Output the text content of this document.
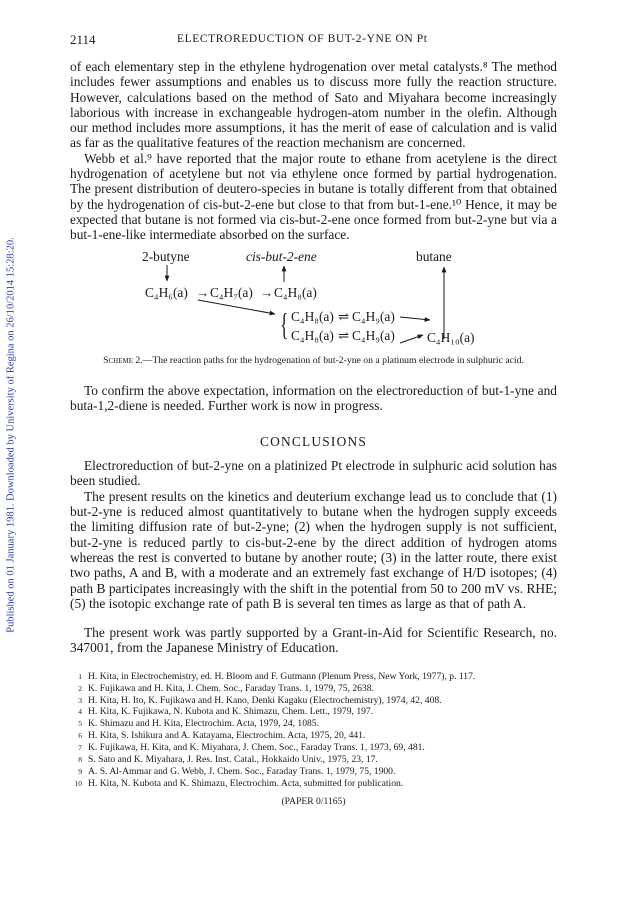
Published on 01 January 1981. Downloaded by University of Regina on 26/10/2014 15:28:20.
2114	ELECTROREDUCTION OF BUT-2-YNE ON Pt

of each elementary step in the ethylene hydrogenation over metal catalysts.⁸ The method includes fewer assumptions and enables us to discuss more fully the reaction structure. However, calculations based on the method of Sato and Miyahara become increasingly laborious with increase in exchangeable hydrogen-atom number in the olefin. Although our method includes more assumptions, it has the merit of ease of calculation and is valid as far as the qualitative features of the reaction mechanism are concerned.

Webb et al.⁹ have reported that the major route to ethane from acetylene is the direct hydrogenation of acetylene but not via ethylene once formed by partial hydrogenation. The present distribution of deutero-species in butane is totally different from that obtained by the hydrogenation of cis-but-2-ene but close to that from but-1-ene.¹⁰ Hence, it may be expected that butane is not formed via cis-but-2-ene once formed from but-2-yne but via a but-1-ene-like intermediate absorbed on the surface.

2-butyne	cis-but-2-ene	butane
C₄H₆(a) → C₄H₇(a) → C₄H₈(a)
{ C₄H₈(a) ⇌ C₄H₉(a)
C₄H₈(a) ⇌ C₄H₉(a) C₄H₁₀(a)
Scheme 2.—The reaction paths for the hydrogenation of but-2-yne on a platinum electrode in sulphuric acid.

To confirm the above expectation, information on the electroreduction of but-1-yne and buta-1,2-diene is needed. Further work is now in progress.

CONCLUSIONS

Electroreduction of but-2-yne on a platinized Pt electrode in sulphuric acid solution has been studied.

The present results on the kinetics and deuterium exchange lead us to conclude that (1) but-2-yne is reduced almost quantitatively to butane when the hydrogen supply exceeds the limiting diffusion rate of but-2-yne; (2) when the hydrogen supply is not sufficient, but-2-yne is reduced partly to cis-but-2-ene by the direct addition of hydrogen atoms whereas the rest is converted to butane by another route; (3) in the latter route, there exist two paths, A and B, with a moderate and an extremely fast exchange of H/D isotopes; (4) path B participates increasingly with the shift in the potential from 50 to 200 mV vs. RHE; (5) the isotopic exchange rate of path B is several ten times as large as that of path A.

The present work was partly supported by a Grant-in-Aid for Scientific Research, no. 347001, from the Japanese Ministry of Education.

1 H. Kita, in Electrochemistry, ed. H. Bloom and F. Gutmann (Plenum Press, New York, 1977), p. 117.
2 K. Fujikawa and H. Kita, J. Chem. Soc., Faraday Trans. 1, 1979, 75, 2638.
3 H. Kita, H. Ito, K. Fujikawa and H. Kano, Denki Kagaku (Electrochemistry), 1974, 42, 408.
4 H. Kita, K. Fujikawa, N. Kubota and K. Shimazu, Chem. Lett., 1979, 197.
5 K. Shimazu and H. Kita, Electrochim. Acta, 1979, 24, 1085.
6 H. Kita, S. Ishikura and A. Katayama, Electrochim. Acta, 1975, 20, 441.
7 K. Fujikawa, H. Kita, and K. Miyahara, J. Chem. Soc., Faraday Trans. 1, 1973, 69, 481.
8 S. Sato and K. Miyahara, J. Res. Inst. Catal., Hokkaido Univ., 1975, 23, 17.
9 A. S. Al-Ammar and G. Webb, J. Chem. Soc., Faraday Trans. 1, 1979, 75, 1900.
10 H. Kita, N. Kubota and K. Shimazu, Electrochim. Acta, submitted for publication.
(PAPER 0/1165)
